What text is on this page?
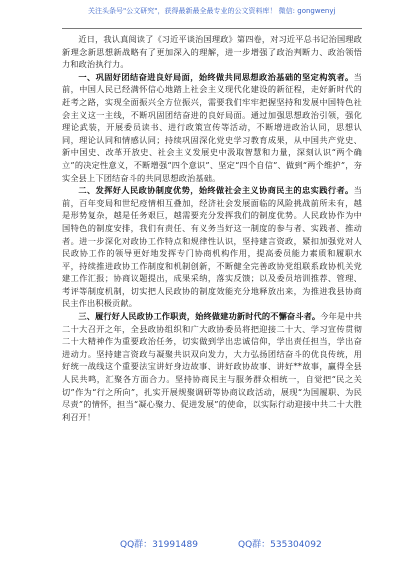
关注头条号"公文研究"，获得最新最全最专业的公文资料库！ 微信: gongwenyj

近日，我认真阅读了《习近平谈治国理政》第四卷，对习近平总书记治国理政新理念新思想新战略有了更加深入的理解，进一步增强了政治判断力、政治领悟力和政治执行力。

一、巩固好团结奋进良好局面，始终做共同思想政治基础的坚定构筑者。当前，中国人民已经满怀信心地踏上社会主义现代化建设的新征程，走好新时代的赶考之路，实现全面振兴全方位振兴，需要我们牢牢把握坚持和发展中国特色社会主义这一主线，不断巩固团结奋进的良好局面。通过加强思想政治引领，强化理论武装，开展委员读书、进行政策宣传等活动，不断增进政治认同，思想认同，理论认同和情感认同；持续巩固深化党史学习教育成果，从中国共产党史、新中国史、改革开放史、社会主义发展史中汲取智慧和力量，深刻认识“两个确立”的决定性意义，不断增强“四个意识”、坚定“四个自信”、做到“两个维护”，夯实全县上下团结奋斗的共同思想政治基础。

二、发挥好人民政协制度优势，始终做社会主义协商民主的忠实践行者。当前，百年变局和世纪疫情相互叠加，经济社会发展面临的风险挑战前所未有，越是形势复杂，越是任务艰巨，越需要充分发挥我们的制度优势。人民政协作为中国特色的制度安排，我们有责任、有义务当好这一制度的参与者、实践者、推动者。进一步深化对政协工作特点和规律性认识，坚持建言资政，紧扣加强党对人民政协工作的领导更好地发挥专门协商机构作用，提高委员能力素质和履职水平，持续推进政协工作制度和机制创新，不断健全完善政协党组联系政协机关党建工作汇报；协商议题提出，成果采纳，落实反馈；以及委员培训推荐、管理、考评等制度机制，切实把人民政协的制度效能充分地释放出来，为推进我县协商民主作出积极贡献。

三、履行好人民政协工作职责，始终做建功新时代的不懈奋斗者。今年是中共二十大召开之年，全县政协组织和广大政协委员将把迎接二十大、学习宣传贯彻二十大精神作为重要政治任务，切实做到学出忠诚信仰，学出责任担当，学出奋进动力。坚持建言资政与凝聚共识双向发力，大力弘扬团结奋斗的优良传统，用好统一战线这个重要法宝讲好身边故事、讲好政协故事、讲好**故事，赢得全县人民共鸣，汇聚各方面合力。坚持协商民主与服务群众相统一，自觉把“民之关切”作为“行之所向”，扎实开展规聚调研等协商议政活动，展现“为国履职、为民尽责”的情怀，担当“凝心聚力、促进发展”的使命，以实际行动迎接中共二十大胜利召开！

QQ群：31991489	QQ群：535304092
